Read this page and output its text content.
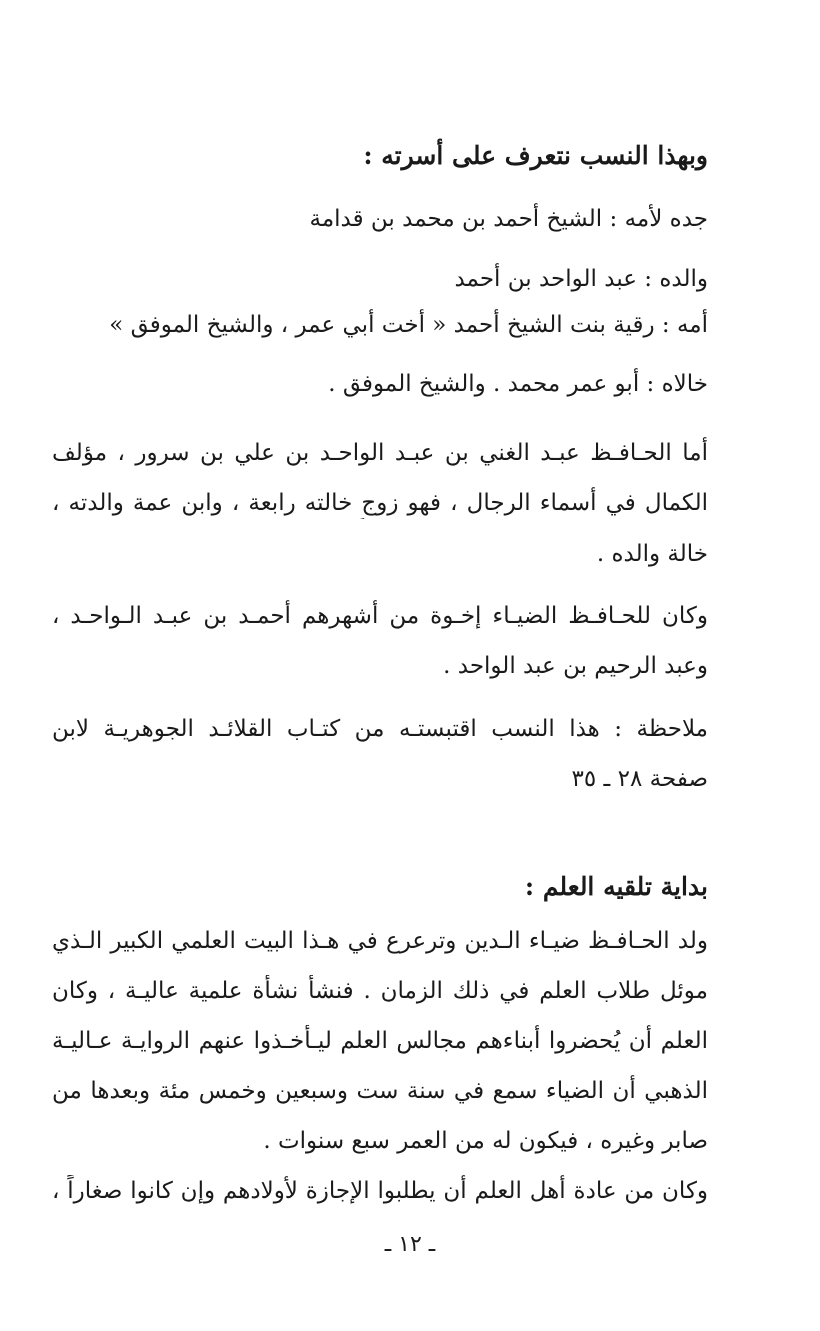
وبهذا النسب نتعرف على أسرته :
جده لأمه : الشيخ أحمد بن محمد بن قدامة
والده : عبد الواحد بن أحمد
أمه : رقية بنت الشيخ أحمد « أخت أبي عمر ، والشيخ الموفق »
خالاه : أبو عمر محمد . والشيخ الموفق .
أما الحـافـظ عبـد الغني بن عبـد الواحـد بن علي بن سرور ، مؤلف
الكمال في أسماء الرجال ، فهو زوج خالته رابعة ، وابن عمة والدته ،
خالة والده .
وكان للحـافـظ الضيـاء إخـوة من أشهرهم أحمـد بن عبـد الـواحـد ،
وعبد الرحيم بن عبد الواحد .
ملاحظة : هذا النسب اقتبستـه من كتـاب القلائـد الجوهريـة لابن
صفحة ٢٨ ـ ٣٥
بداية تلقيه العلم :
ولد الحـافـظ ضيـاء الـدين وترعرع في هـذا البيت العلمي الكبير الـذي
موئل طلاب العلم في ذلك الزمان . فنشأ نشأة علمية عاليـة ، وكان
العلم أن يُحضروا أبناءهم مجالس العلم ليـأخـذوا عنهم الروايـة عـاليـة
الذهبي أن الضياء سمع في سنة ست وسبعين وخمس مئة وبعدها من
صابر وغيره ، فيكون له من العمر سبع سنوات .
وكان من عادة أهل العلم أن يطلبوا الإجازة لأولادهم وإن كانوا صغاراً ،
ـ ١٢ ـ
